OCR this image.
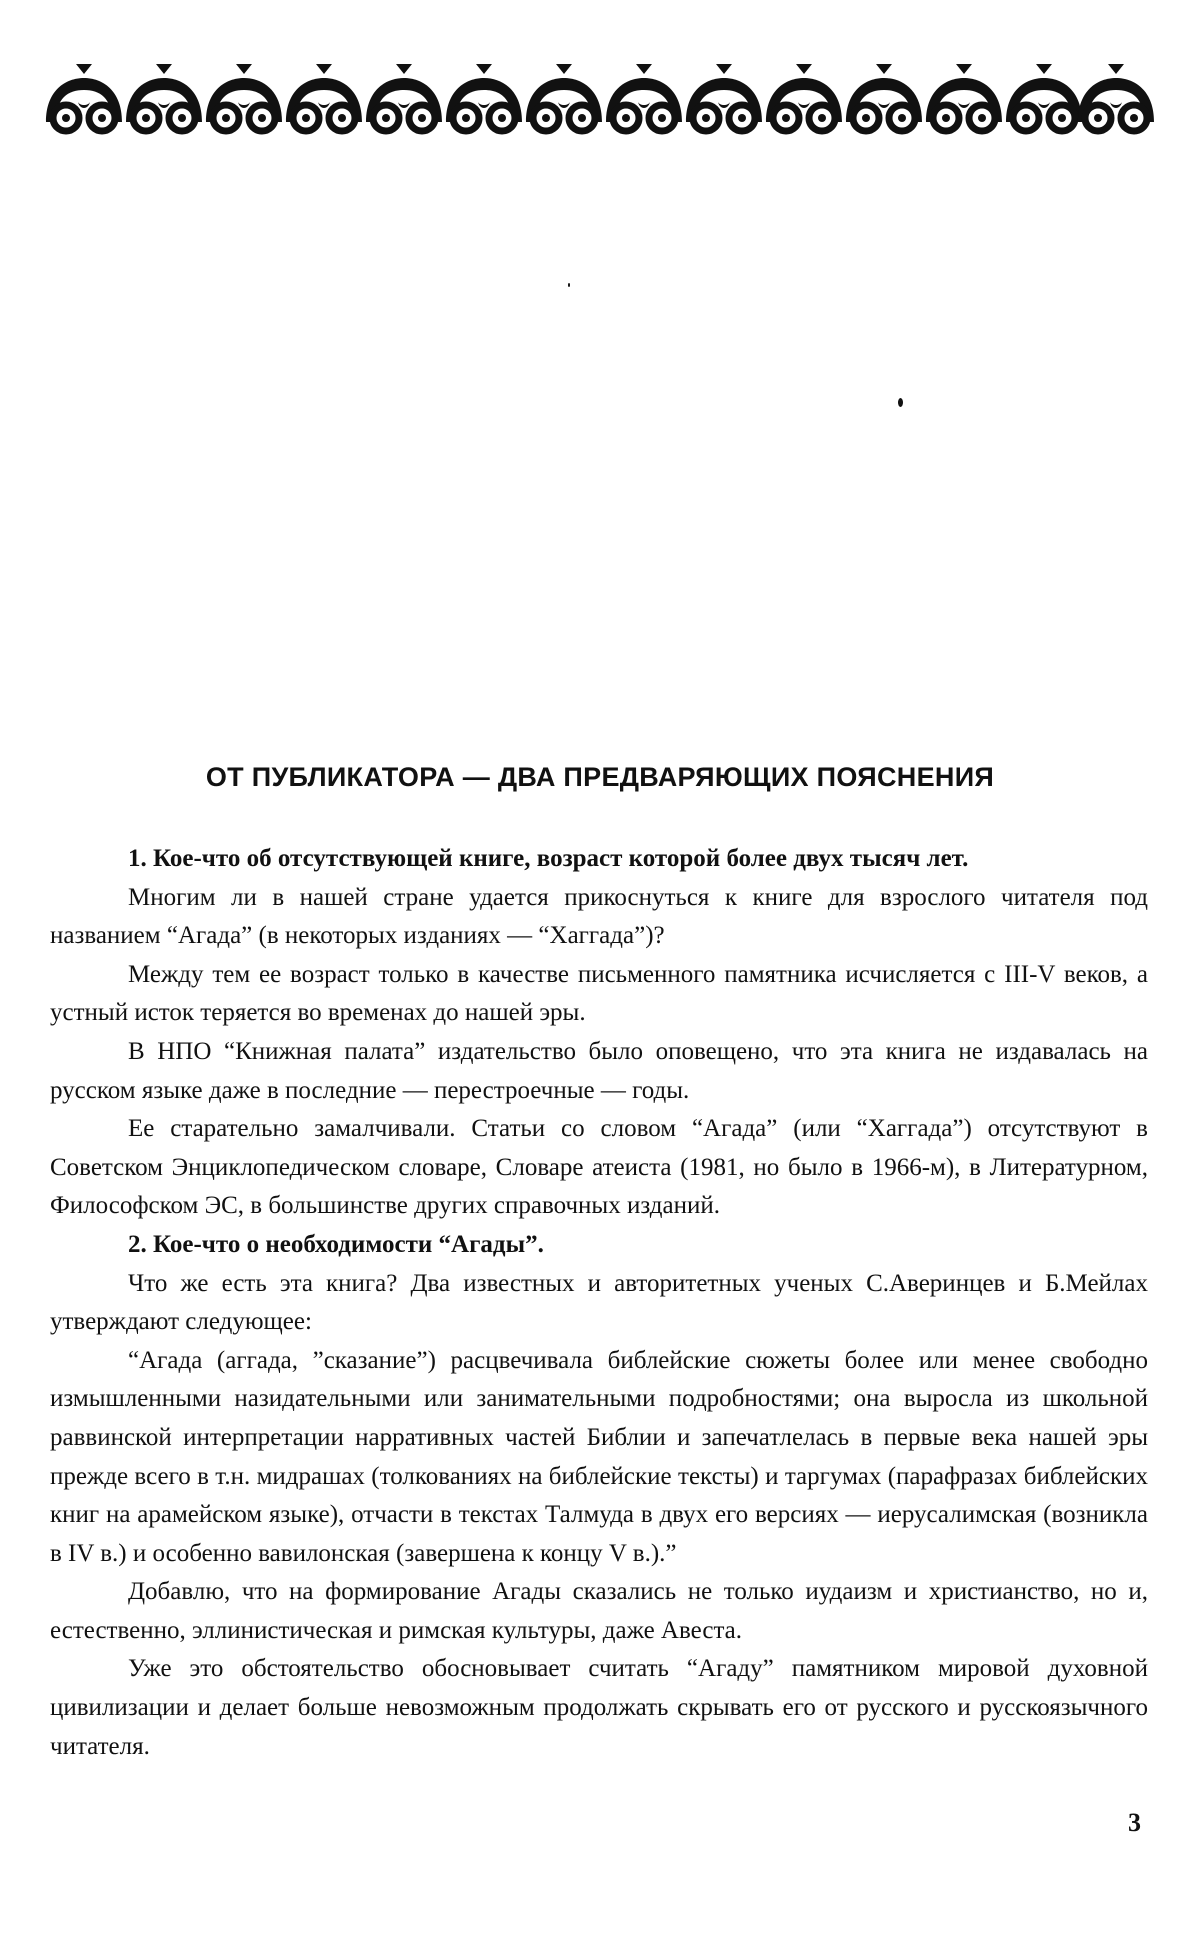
ОТ ПУБЛИКАТОРА — ДВА ПРЕДВАРЯЮЩИХ ПОЯСНЕНИЯ

1. Кое-что об отсутствующей книге, возраст которой более двух тысяч лет.

Многим ли в нашей стране удается прикоснуться к книге для взрослого читателя под названием “Агада” (в некоторых изданиях — “Хаггада”)?

Между тем ее возраст только в качестве письменного памятника исчисляется с III-V веков, а устный исток теряется во временах до нашей эры.

В НПО “Книжная палата” издательство было оповещено, что эта книга не издавалась на русском языке даже в последние — перестроечные — годы.

Ее старательно замалчивали. Статьи со словом “Агада” (или “Хаггада”) отсутствуют в Советском Энциклопедическом словаре, Словаре атеиста (1981, но было в 1966-м), в Литературном, Философском ЭС, в большинстве других справочных изданий.

2. Кое-что о необходимости “Агады”.

Что же есть эта книга? Два известных и авторитетных ученых С.Аверинцев и Б.Мейлах утверждают следующее:

“Агада (аггада, ”сказание”) расцвечивала библейские сюжеты более или менее свободно измышленными назидательными или занимательными подробностями; она выросла из школьной раввинской интерпретации нарративных частей Библии и запечатлелась в первые века нашей эры прежде всего в т.н. мидрашах (толкованиях на библейские тексты) и таргумах (парафразах библейских книг на арамейском языке), отчасти в текстах Талмуда в двух его версиях — иерусалимская (возникла в IV в.) и особенно вавилонская (завершена к концу V в.).”

Добавлю, что на формирование Агады сказались не только иудаизм и христианство, но и, естественно, эллинистическая и римская культуры, даже Авеста.

Уже это обстоятельство обосновывает считать “Агаду” памятником мировой духовной цивилизации и делает больше невозможным продолжать скрывать его от русского и русскоязычного читателя.

3
